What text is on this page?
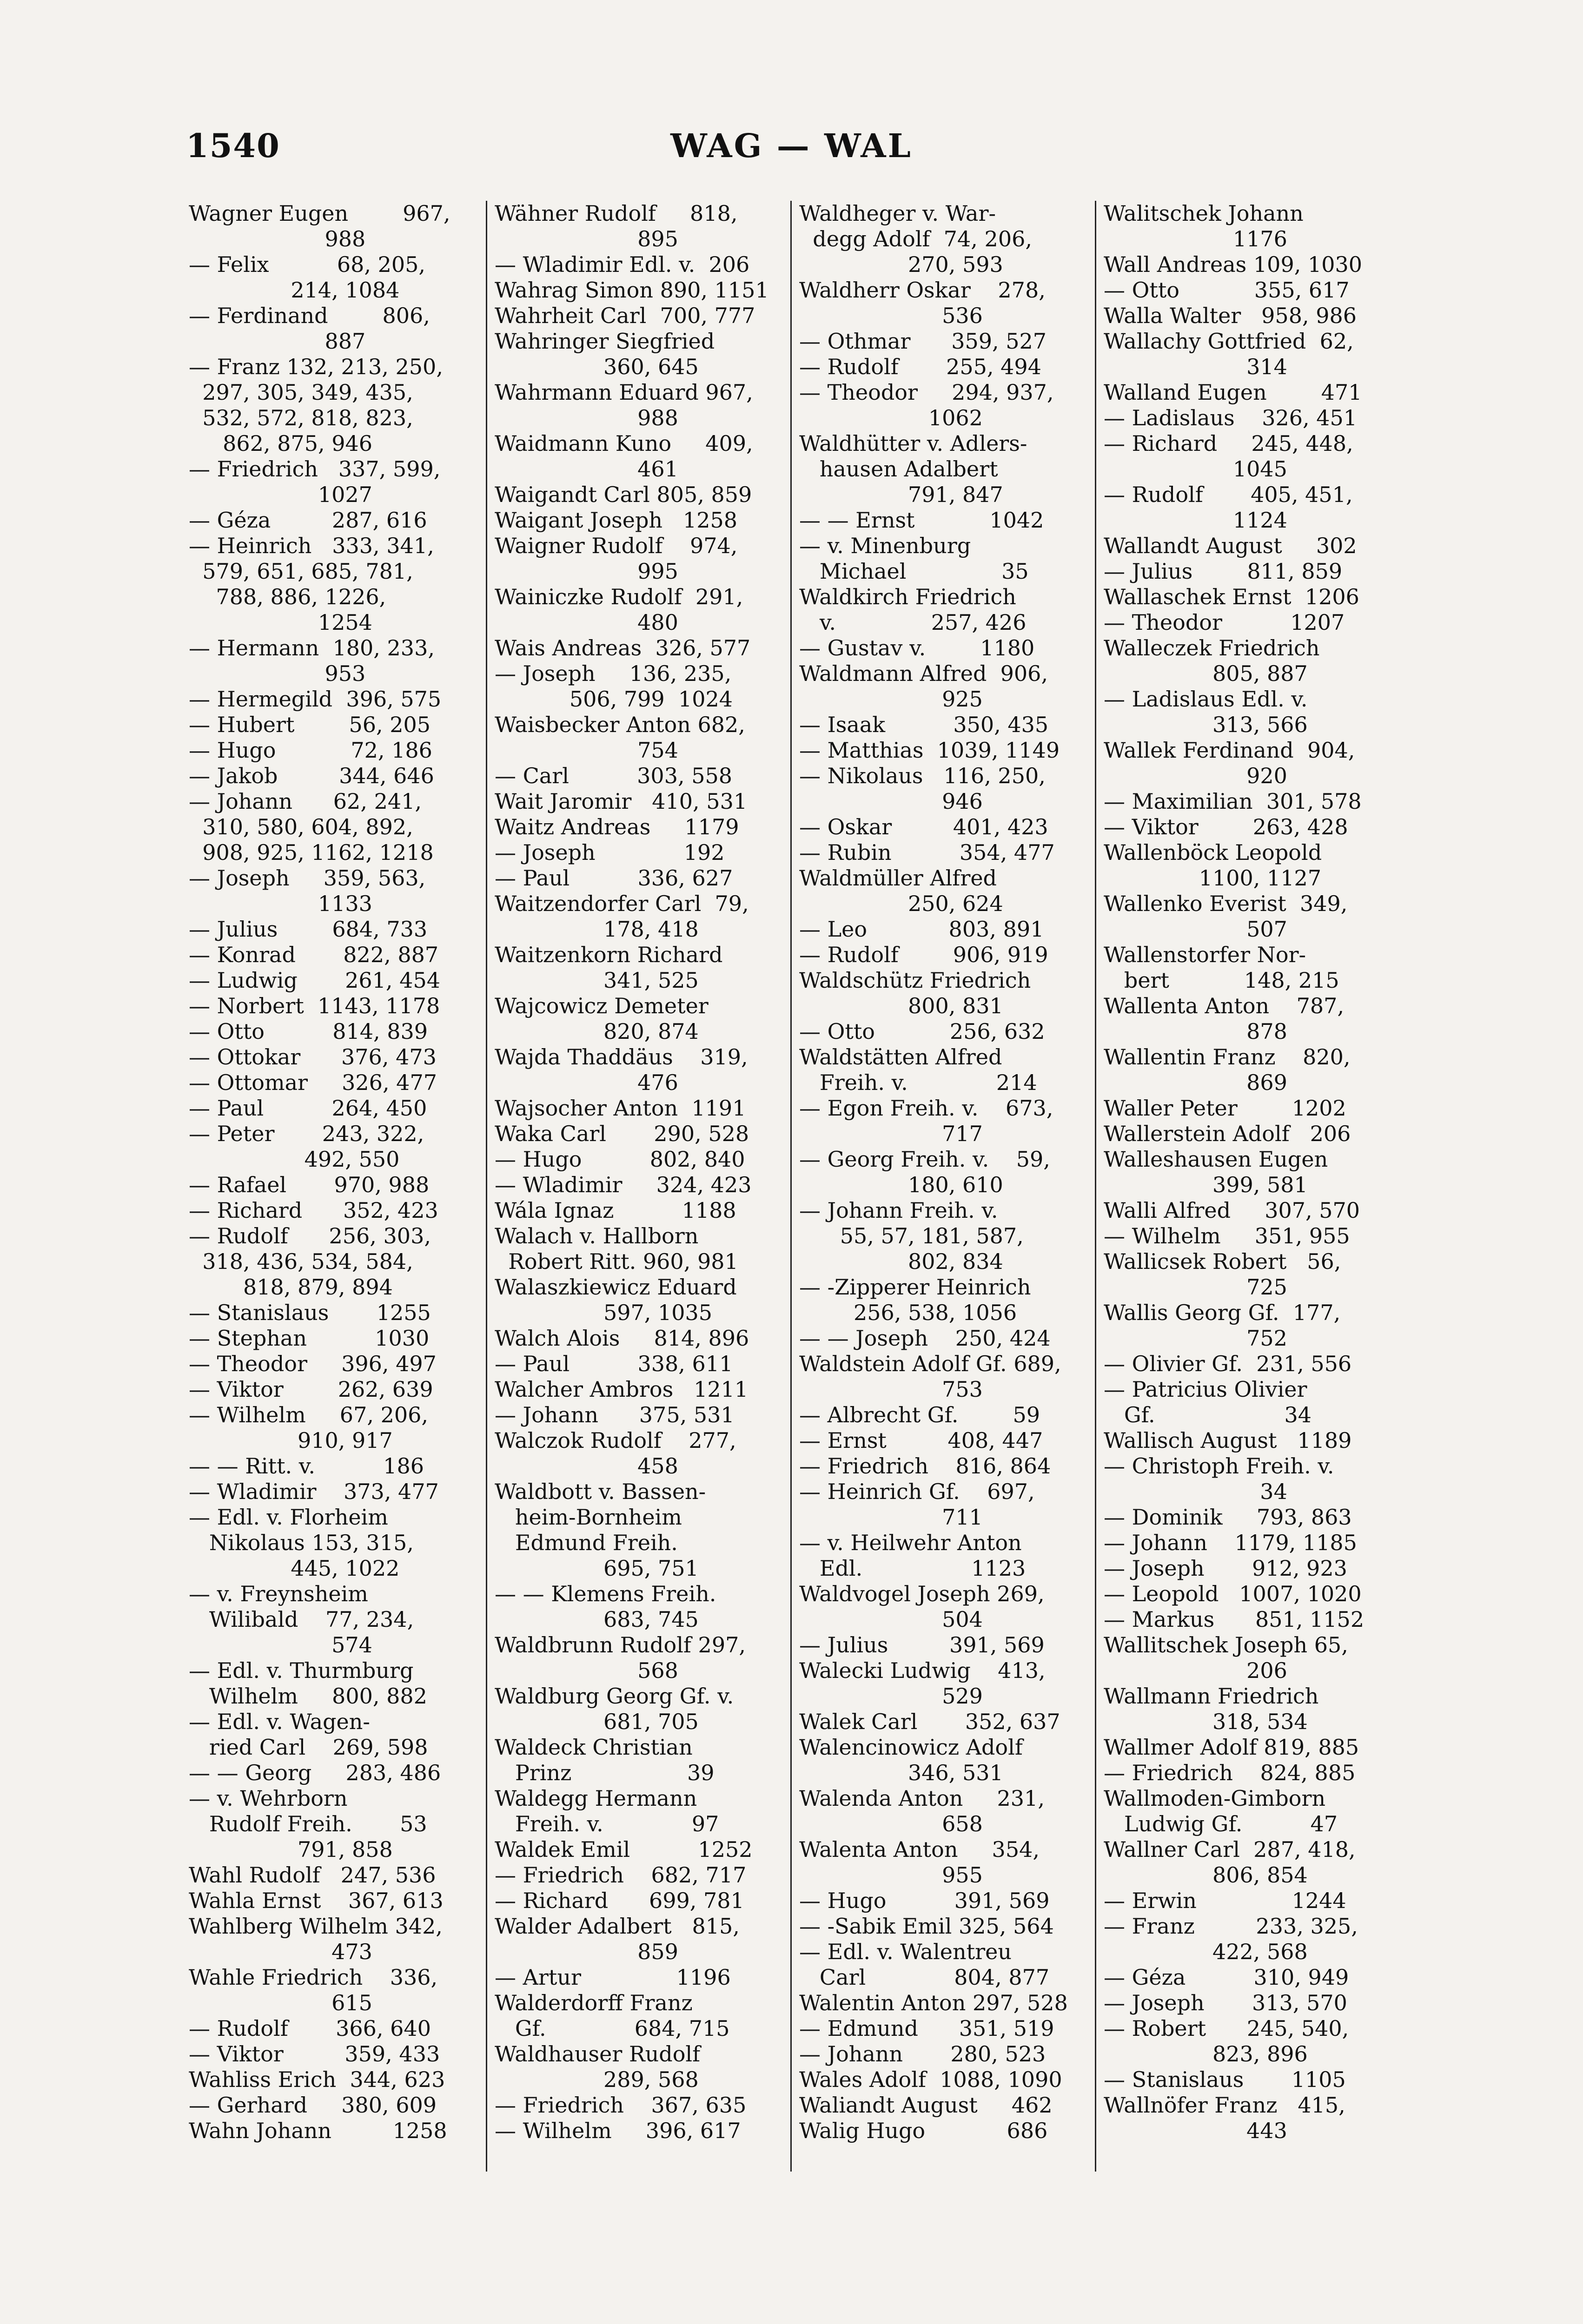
1540	WAG — WAL
Wagner Eugen        967,
988
— Felix          68, 205,
214, 1084
— Ferdinand        806,
887
— Franz 132, 213, 250,
297, 305, 349, 435,
532, 572, 818, 823,
862, 875, 946
— Friedrich   337, 599,
1027
— Géza         287, 616
— Heinrich   333, 341,
579, 651, 685, 781,
788, 886, 1226,
1254
— Hermann  180, 233,
953
— Hermegild  396, 575
— Hubert        56, 205
— Hugo           72, 186
— Jakob         344, 646
— Johann      62, 241,
310, 580, 604, 892,
908, 925, 1162, 1218
— Joseph     359, 563,
1133
— Julius        684, 733
— Konrad       822, 887
— Ludwig       261, 454
— Norbert  1143, 1178
— Otto          814, 839
— Ottokar      376, 473
— Ottomar     326, 477
— Paul          264, 450
— Peter       243, 322,
492, 550
— Rafael       970, 988
— Richard      352, 423
— Rudolf      256, 303,
318, 436, 534, 584,
818, 879, 894
— Stanislaus       1255
— Stephan          1030
— Theodor     396, 497
— Viktor        262, 639
— Wilhelm     67, 206,
910, 917
— — Ritt. v.          186
— Wladimir    373, 477
— Edl. v. Florheim
Nikolaus 153, 315,
445, 1022
— v. Freynsheim
Wilibald    77, 234,
574
— Edl. v. Thurmburg
Wilhelm     800, 882
— Edl. v. Wagen-
ried Carl    269, 598
— — Georg     283, 486
— v. Wehrborn
Rudolf Freih.       53
791, 858
Wahl Rudolf   247, 536
Wahla Ernst    367, 613
Wahlberg Wilhelm 342,
473
Wahle Friedrich    336,
615
— Rudolf       366, 640
— Viktor         359, 433
Wahliss Erich  344, 623
— Gerhard     380, 609
Wahn Johann         1258
Wähner Rudolf     818,
895
— Wladimir Edl. v.  206
Wahrag Simon 890, 1151
Wahrheit Carl  700, 777
Wahringer Siegfried
360, 645
Wahrmann Eduard 967,
988
Waidmann Kuno     409,
461
Waigandt Carl 805, 859
Waigant Joseph   1258
Waigner Rudolf    974,
995
Wainiczke Rudolf  291,
480
Wais Andreas  326, 577
— Joseph     136, 235,
506, 799  1024
Waisbecker Anton 682,
754
— Carl          303, 558
Wait Jaromir   410, 531
Waitz Andreas     1179
— Joseph             192
— Paul          336, 627
Waitzendorfer Carl  79,
178, 418
Waitzenkorn Richard
341, 525
Wajcowicz Demeter
820, 874
Wajda Thaddäus    319,
476
Wajsocher Anton  1191
Waka Carl       290, 528
— Hugo          802, 840
— Wladimir     324, 423
Wála Ignaz          1188
Walach v. Hallborn
Robert Ritt. 960, 981
Walaszkiewicz Eduard
597, 1035
Walch Alois     814, 896
— Paul          338, 611
Walcher Ambros   1211
— Johann      375, 531
Walczok Rudolf    277,
458
Waldbott v. Bassen-
heim-Bornheim
Edmund Freih.
695, 751
— — Klemens Freih.
683, 745
Waldbrunn Rudolf 297,
568
Waldburg Georg Gf. v.
681, 705
Waldeck Christian
Prinz                 39
Waldegg Hermann
Freih. v.             97
Waldek Emil          1252
— Friedrich    682, 717
— Richard      699, 781
Walder Adalbert   815,
859
— Artur              1196
Walderdorff Franz
Gf.             684, 715
Waldhauser Rudolf
289, 568
— Friedrich    367, 635
— Wilhelm     396, 617
Waldheger v. War-
degg Adolf  74, 206,
270, 593
Waldherr Oskar    278,
536
— Othmar      359, 527
— Rudolf       255, 494
— Theodor     294, 937,
1062
Waldhütter v. Adlers-
hausen Adalbert
791, 847
— — Ernst           1042
— v. Minenburg
Michael              35
Waldkirch Friedrich
v.              257, 426
— Gustav v.        1180
Waldmann Alfred  906,
925
— Isaak          350, 435
— Matthias  1039, 1149
— Nikolaus   116, 250,
946
— Oskar         401, 423
— Rubin          354, 477
Waldmüller Alfred
250, 624
— Leo            803, 891
— Rudolf        906, 919
Waldschütz Friedrich
800, 831
— Otto           256, 632
Waldstätten Alfred
Freih. v.             214
— Egon Freih. v.    673,
717
— Georg Freih. v.    59,
180, 610
— Johann Freih. v.
55, 57, 181, 587,
802, 834
— -Zipperer Heinrich
256, 538, 1056
— — Joseph    250, 424
Waldstein Adolf Gf. 689,
753
— Albrecht Gf.        59
— Ernst         408, 447
— Friedrich    816, 864
— Heinrich Gf.    697,
711
— v. Heilwehr Anton
Edl.                1123
Waldvogel Joseph 269,
504
— Julius         391, 569
Walecki Ludwig    413,
529
Walek Carl       352, 637
Walencinowicz Adolf
346, 531
Walenda Anton     231,
658
Walenta Anton     354,
955
— Hugo          391, 569
— -Sabik Emil 325, 564
— Edl. v. Walentreu
Carl             804, 877
Walentin Anton 297, 528
— Edmund      351, 519
— Johann       280, 523
Wales Adolf  1088, 1090
Waliandt August     462
Walig Hugo            686
Walitschek Johann
1176
Wall Andreas 109, 1030
— Otto           355, 617
Walla Walter   958, 986
Wallachy Gottfried  62,
314
Walland Eugen        471
— Ladislaus    326, 451
— Richard     245, 448,
1045
— Rudolf       405, 451,
1124
Wallandt August     302
— Julius        811, 859
Wallaschek Ernst  1206
— Theodor          1207
Walleczek Friedrich
805, 887
— Ladislaus Edl. v.
313, 566
Wallek Ferdinand  904,
920
— Maximilian  301, 578
— Viktor        263, 428
Wallenböck Leopold
1100, 1127
Wallenko Everist  349,
507
Wallenstorfer Nor-
bert           148, 215
Wallenta Anton    787,
878
Wallentin Franz    820,
869
Waller Peter        1202
Wallerstein Adolf   206
Walleshausen Eugen
399, 581
Walli Alfred     307, 570
— Wilhelm     351, 955
Wallicsek Robert   56,
725
Wallis Georg Gf.  177,
752
— Olivier Gf.  231, 556
— Patricius Olivier
Gf.                   34
Wallisch August   1189
— Christoph Freih. v.
34
— Dominik     793, 863
— Johann    1179, 1185
— Joseph       912, 923
— Leopold   1007, 1020
— Markus      851, 1152
Wallitschek Joseph 65,
206
Wallmann Friedrich
318, 534
Wallmer Adolf 819, 885
— Friedrich    824, 885
Wallmoden-Gimborn
Ludwig Gf.          47
Wallner Carl  287, 418,
806, 854
— Erwin              1244
— Franz         233, 325,
422, 568
— Géza          310, 949
— Joseph       313, 570
— Robert      245, 540,
823, 896
— Stanislaus       1105
Wallnöfer Franz   415,
443
